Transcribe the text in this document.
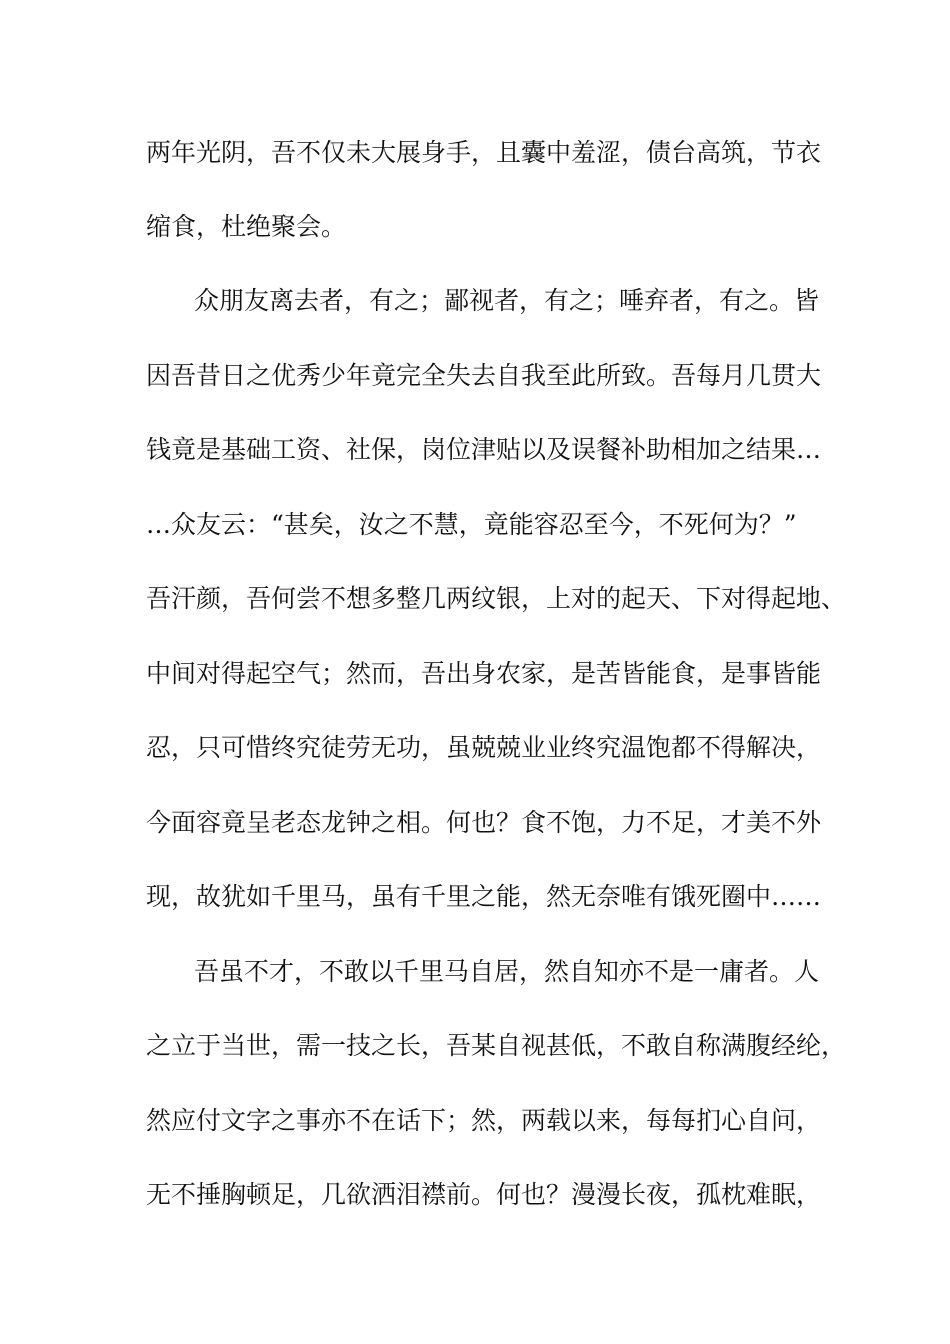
两年光阴，吾不仅未大展身手，且囊中羞涩，债台高筑，节衣

缩食，杜绝聚会。

众朋友离去者，有之；鄙视者，有之；唾弃者，有之。皆

因吾昔日之优秀少年竟完全失去自我至此所致。吾每月几贯大

钱竟是基础工资、社保，岗位津贴以及误餐补助相加之结果…

…众友云：“甚矣，汝之不慧，竟能容忍至今，不死何为？”

吾汗颜，吾何尝不想多整几两纹银，上对的起天、下对得起地、

中间对得起空气；然而，吾出身农家，是苦皆能食，是事皆能

忍，只可惜终究徒劳无功，虽兢兢业业终究温饱都不得解决，

今面容竟呈老态龙钟之相。何也？食不饱，力不足，才美不外

现，故犹如千里马，虽有千里之能，然无奈唯有饿死圈中……

吾虽不才，不敢以千里马自居，然自知亦不是一庸者。人

之立于当世，需一技之长，吾某自视甚低，不敢自称满腹经纶，

然应付文字之事亦不在话下；然，两载以来，每每扪心自问，

无不捶胸顿足，几欲洒泪襟前。何也？漫漫长夜，孤枕难眠，
